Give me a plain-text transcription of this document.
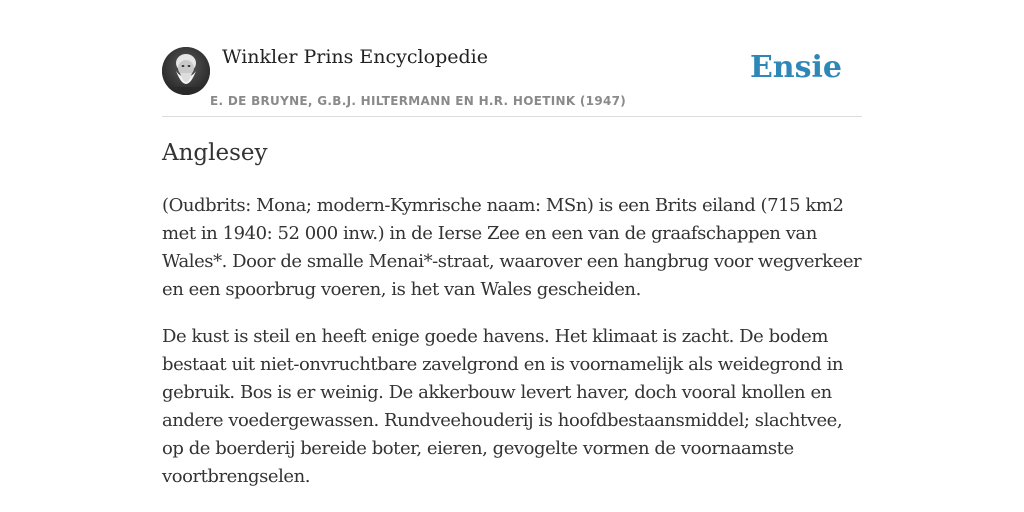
Winkler Prins Encyclopedie
E. DE BRUYNE, G.B.J. HILTERMANN EN H.R. HOETINK (1947)
Ensie
Anglesey

(Oudbrits: Mona; modern-Kymrische naam: MSn) is een Brits eiland (715 km2 met in 1940: 52 000 inw.) in de Ierse Zee en een van de graafschappen van Wales*. Door de smalle Menai*-straat, waarover een hangbrug voor wegverkeer en een spoorbrug voeren, is het van Wales gescheiden.

De kust is steil en heeft enige goede havens. Het klimaat is zacht. De bodem bestaat uit niet-onvruchtbare zavelgrond en is voornamelijk als weidegrond in gebruik. Bos is er weinig. De akkerbouw levert haver, doch vooral knollen en andere voedergewassen. Rundveehouderij is hoofdbestaansmiddel; slachtvee, op de boerderij bereide boter, eieren, gevogelte vormen de voornaamste voortbrengselen.
